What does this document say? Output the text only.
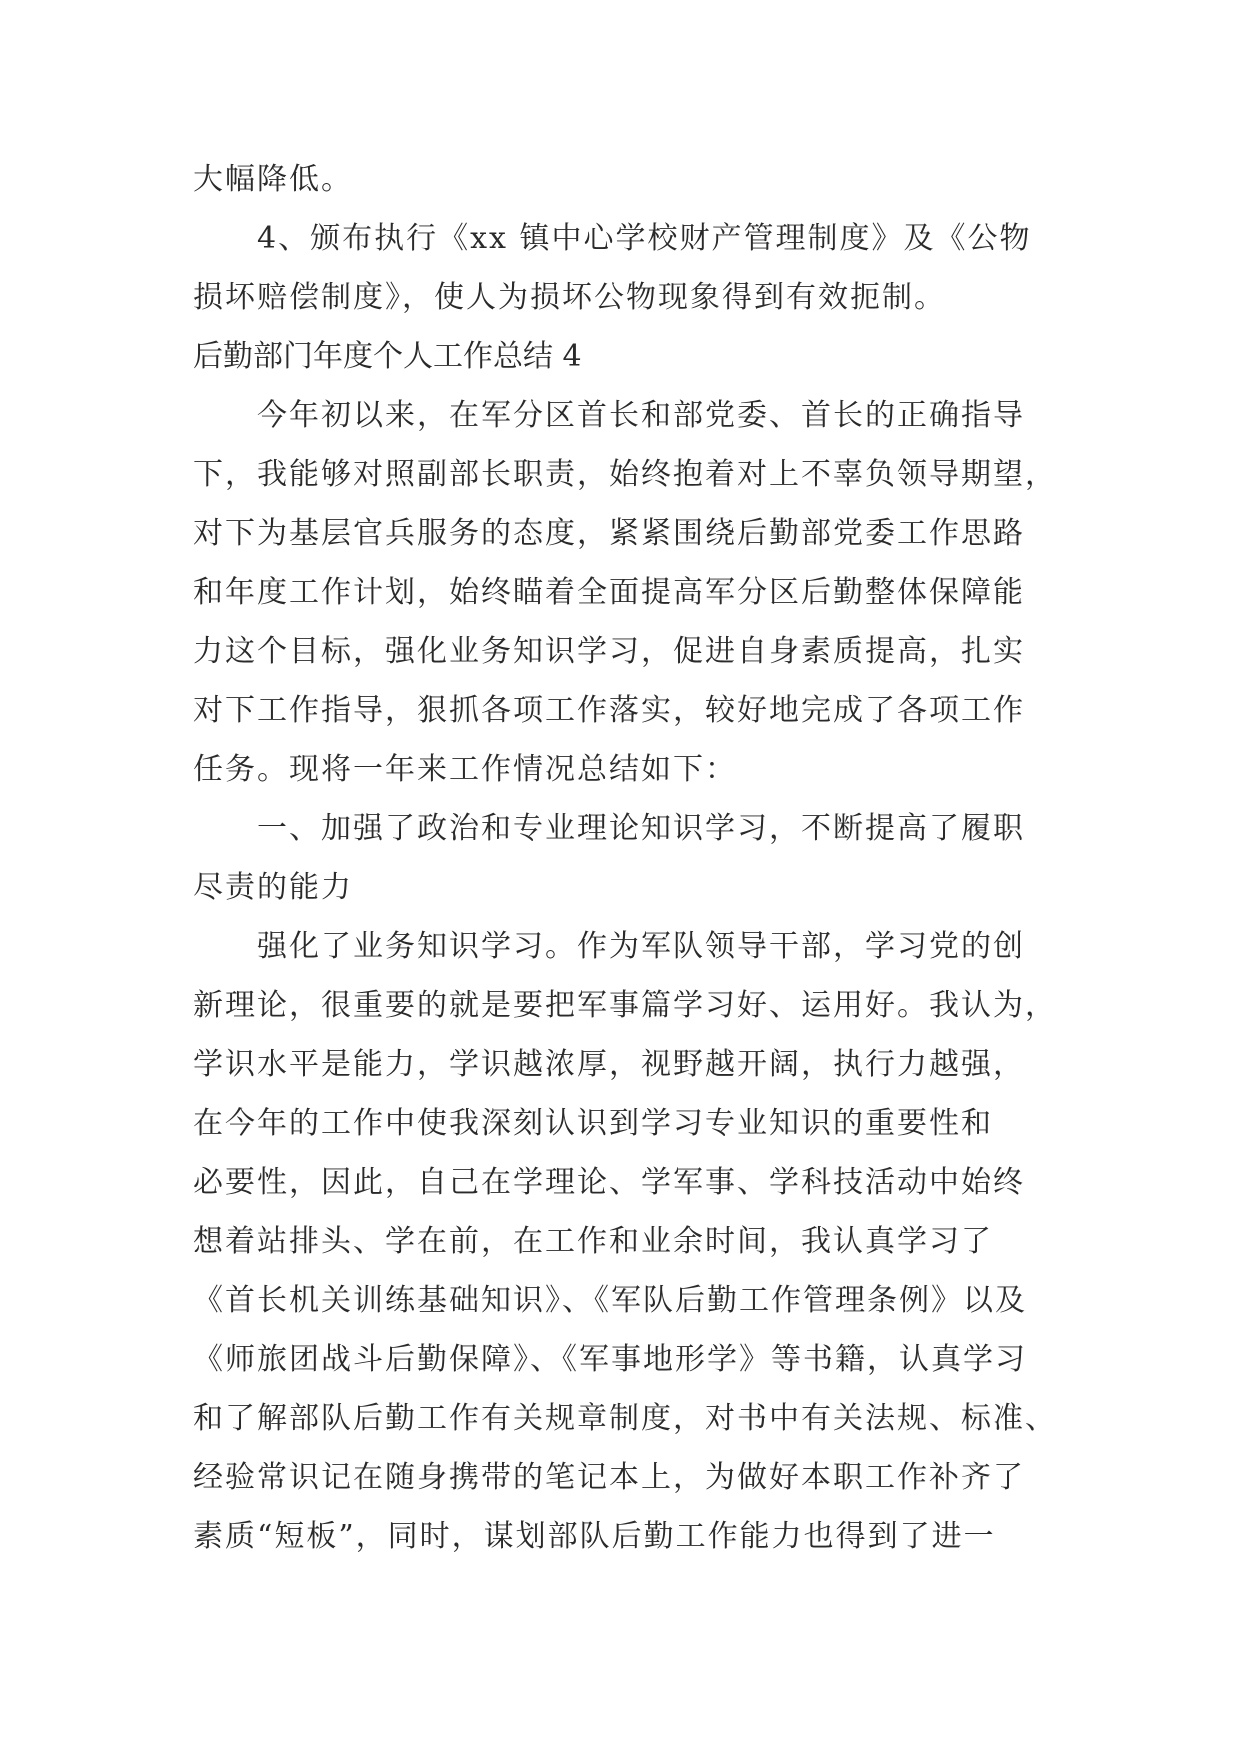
大幅降低。
4、颁布执行《xx 镇中心学校财产管理制度》及《公物
损坏赔偿制度》，使人为损坏公物现象得到有效扼制。
后勤部门年度个人工作总结 4
今年初以来，在军分区首长和部党委、首长的正确指导
下，我能够对照副部长职责，始终抱着对上不辜负领导期望，
对下为基层官兵服务的态度，紧紧围绕后勤部党委工作思路
和年度工作计划，始终瞄着全面提高军分区后勤整体保障能
力这个目标，强化业务知识学习，促进自身素质提高，扎实
对下工作指导，狠抓各项工作落实，较好地完成了各项工作
任务。现将一年来工作情况总结如下：
一、加强了政治和专业理论知识学习，不断提高了履职
尽责的能力
强化了业务知识学习。作为军队领导干部，学习党的创
新理论，很重要的就是要把军事篇学习好、运用好。我认为，
学识水平是能力，学识越浓厚，视野越开阔，执行力越强，
在今年的工作中使我深刻认识到学习专业知识的重要性和
必要性，因此，自己在学理论、学军事、学科技活动中始终
想着站排头、学在前，在工作和业余时间，我认真学习了
《首长机关训练基础知识》、《军队后勤工作管理条例》以及
《师旅团战斗后勤保障》、《军事地形学》等书籍，认真学习
和了解部队后勤工作有关规章制度，对书中有关法规、标准、
经验常识记在随身携带的笔记本上，为做好本职工作补齐了
素质“短板”，同时，谋划部队后勤工作能力也得到了进一
